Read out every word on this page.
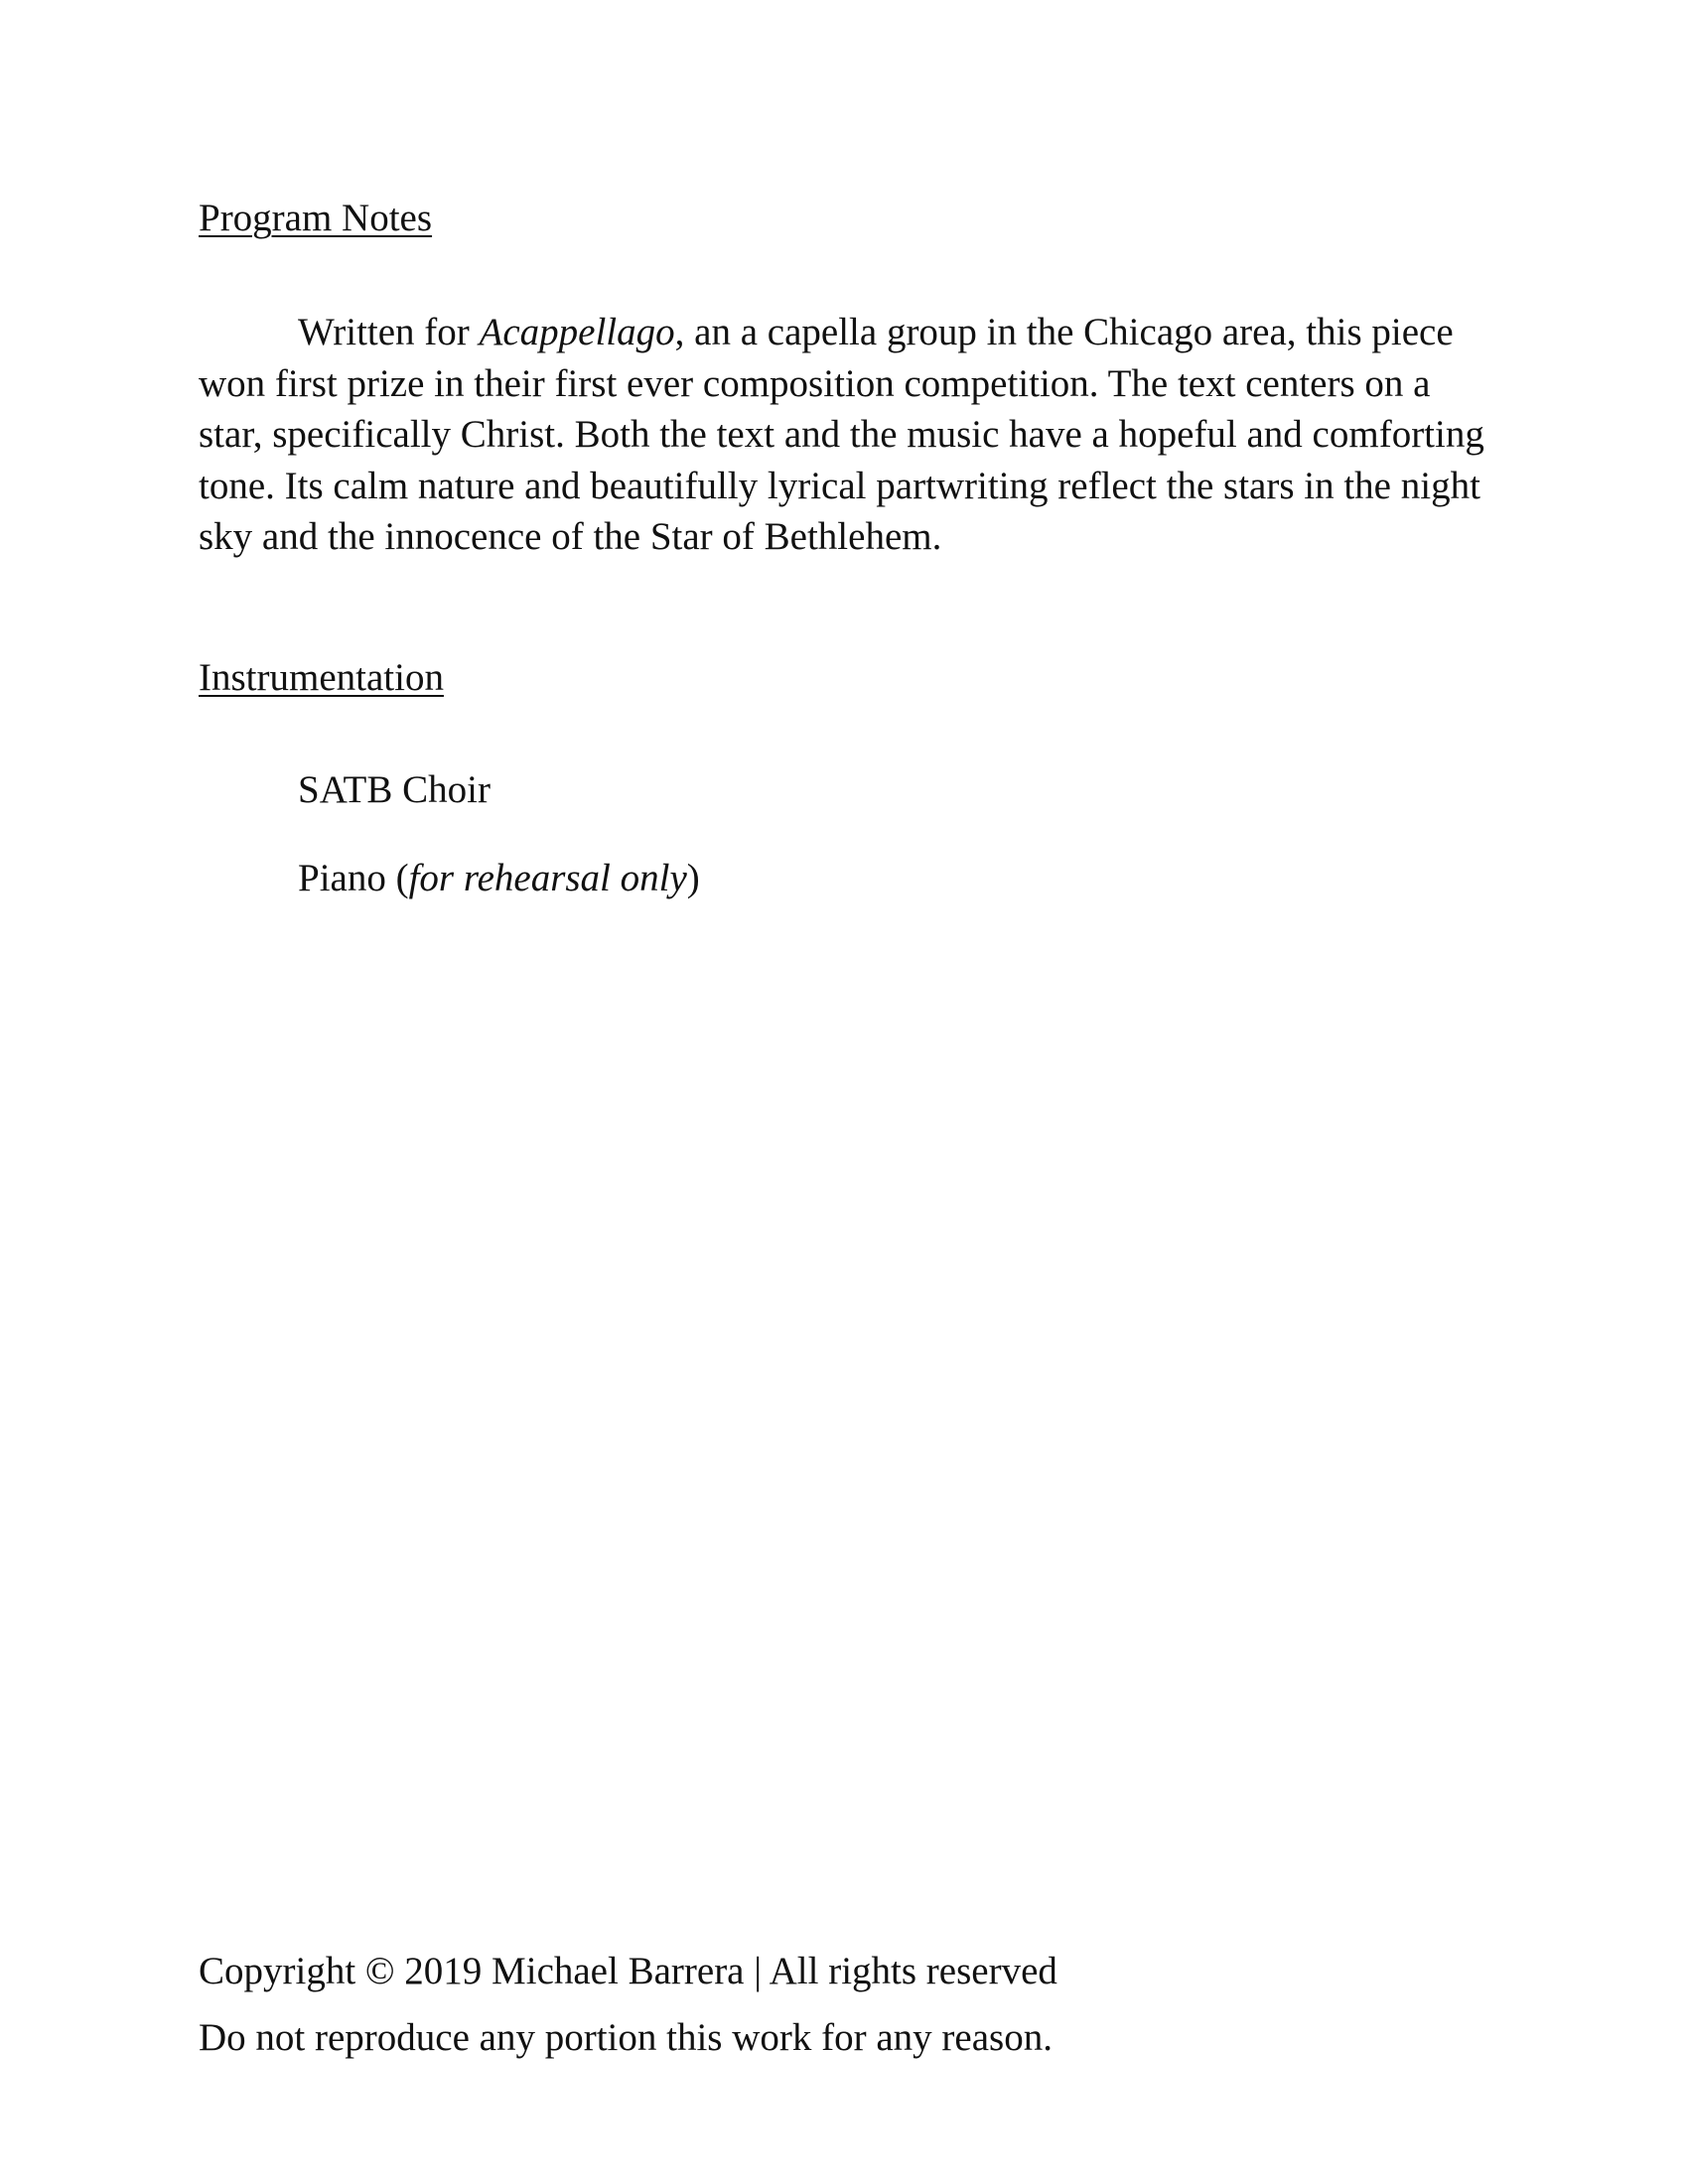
Program Notes

Written for Acappellago, an a capella group in the Chicago area, this piece won first prize in their first ever composition competition. The text centers on a star, specifically Christ. Both the text and the music have a hopeful and comforting tone. Its calm nature and beautifully lyrical partwriting reflect the stars in the night sky and the innocence of the Star of Bethlehem.

Instrumentation

SATB Choir

Piano (for rehearsal only)

Copyright © 2019 Michael Barrera | All rights reserved

Do not reproduce any portion this work for any reason.
